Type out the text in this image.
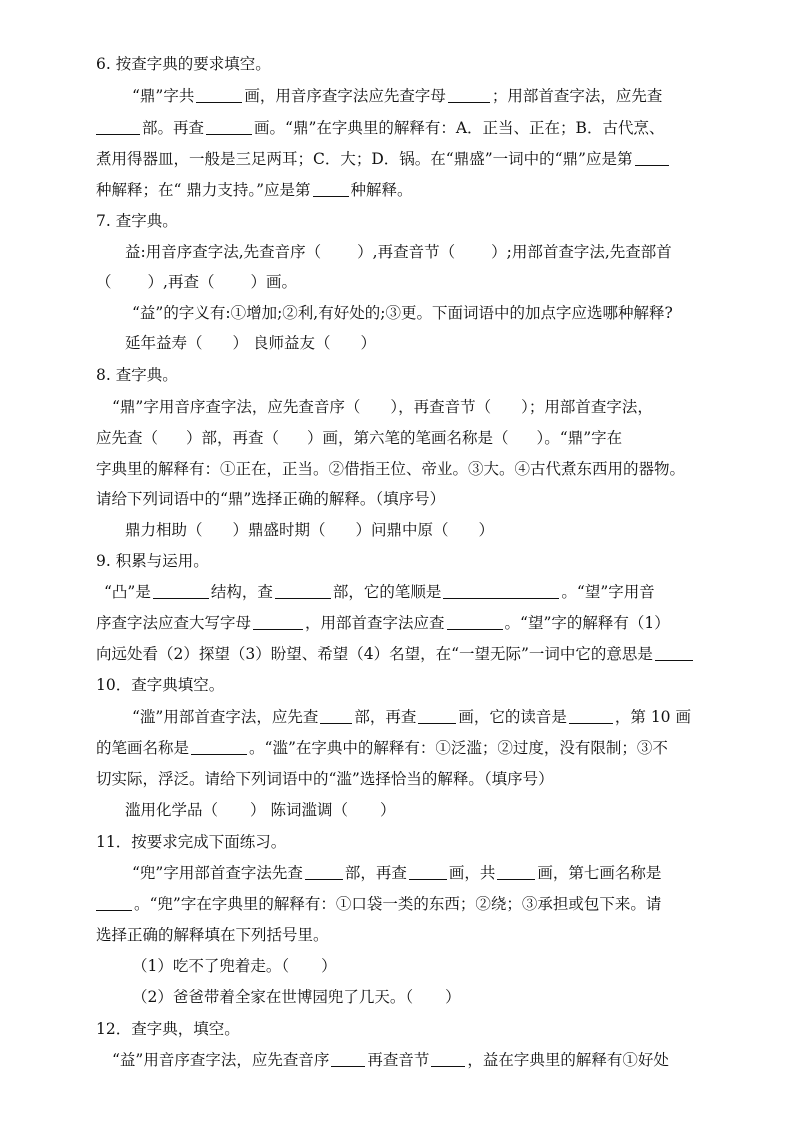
6. 按查字典的要求填空。
“鼎”字共	画，用音序查字法应先查字母	；用部首查字法，应先查
部。再查	画。“鼎”在字典里的解释有：A．正当、正在；B．古代烹、
煮用得器皿，一般是三足两耳；C．大；D．锅。在“鼎盛”一词中的“鼎”应是第
种解释；在“ 鼎力支持。”应是第	种解释。
7. 查字典。
益:用音序查字法,先查音序（ ）,再查音节（ ）;用部首查字法,先查部首
（ ）,再查（ ）画。
“益”的字义有:①增加;②利,有好处的;③更。下面词语中的加点字应选哪种解释?
延年益寿（ ） 良师益友（ ）
8. 查字典。
“鼎”字用音序查字法，应先查音序（ ），再查音节（ ）；用部首查字法，
应先查（ ）部，再查（ ）画，第六笔的笔画名称是（ ）。“鼎”字在
字典里的解释有：①正在，正当。②借指王位、帝业。③大。④古代煮东西用的器物。
请给下列词语中的“鼎”选择正确的解释。（填序号）
鼎力相助（ ）鼎盛时期（ ）问鼎中原（ ）
9. 积累与运用。
“凸”是	结构，查	部，它的笔顺是	。“望”字用音
序查字法应查大写字母	，用部首查字法应查	。“望”字的解释有（1）
向远处看（2）探望（3）盼望、希望（4）名望，在“一望无际”一词中它的意思是
10．查字典填空。
“滥”用部首查字法，应先查 部，再查	画，它的读音是	，第 10 画
的笔画名称是	。“滥”在字典中的解释有：①泛滥；②过度，没有限制；③不
切实际，浮泛。请给下列词语中的“滥”选择恰当的解释。（填序号）
滥用化学品（ ） 陈词滥调（ ）
11．按要求完成下面练习。
“兜”字用部首查字法先查	部，再查	画，共	画，第七画名称是
。“兜”字在字典里的解释有：①口袋一类的东西；②绕；③承担或包下来。请
选择正确的解释填在下列括号里。
（1）吃不了兜着走。（ ）
（2）爸爸带着全家在世博园兜了几天。（ ）
12．查字典，填空。
“益”用音序查字法，应先查音序 再查音节 ，益在字典里的解释有①好处
